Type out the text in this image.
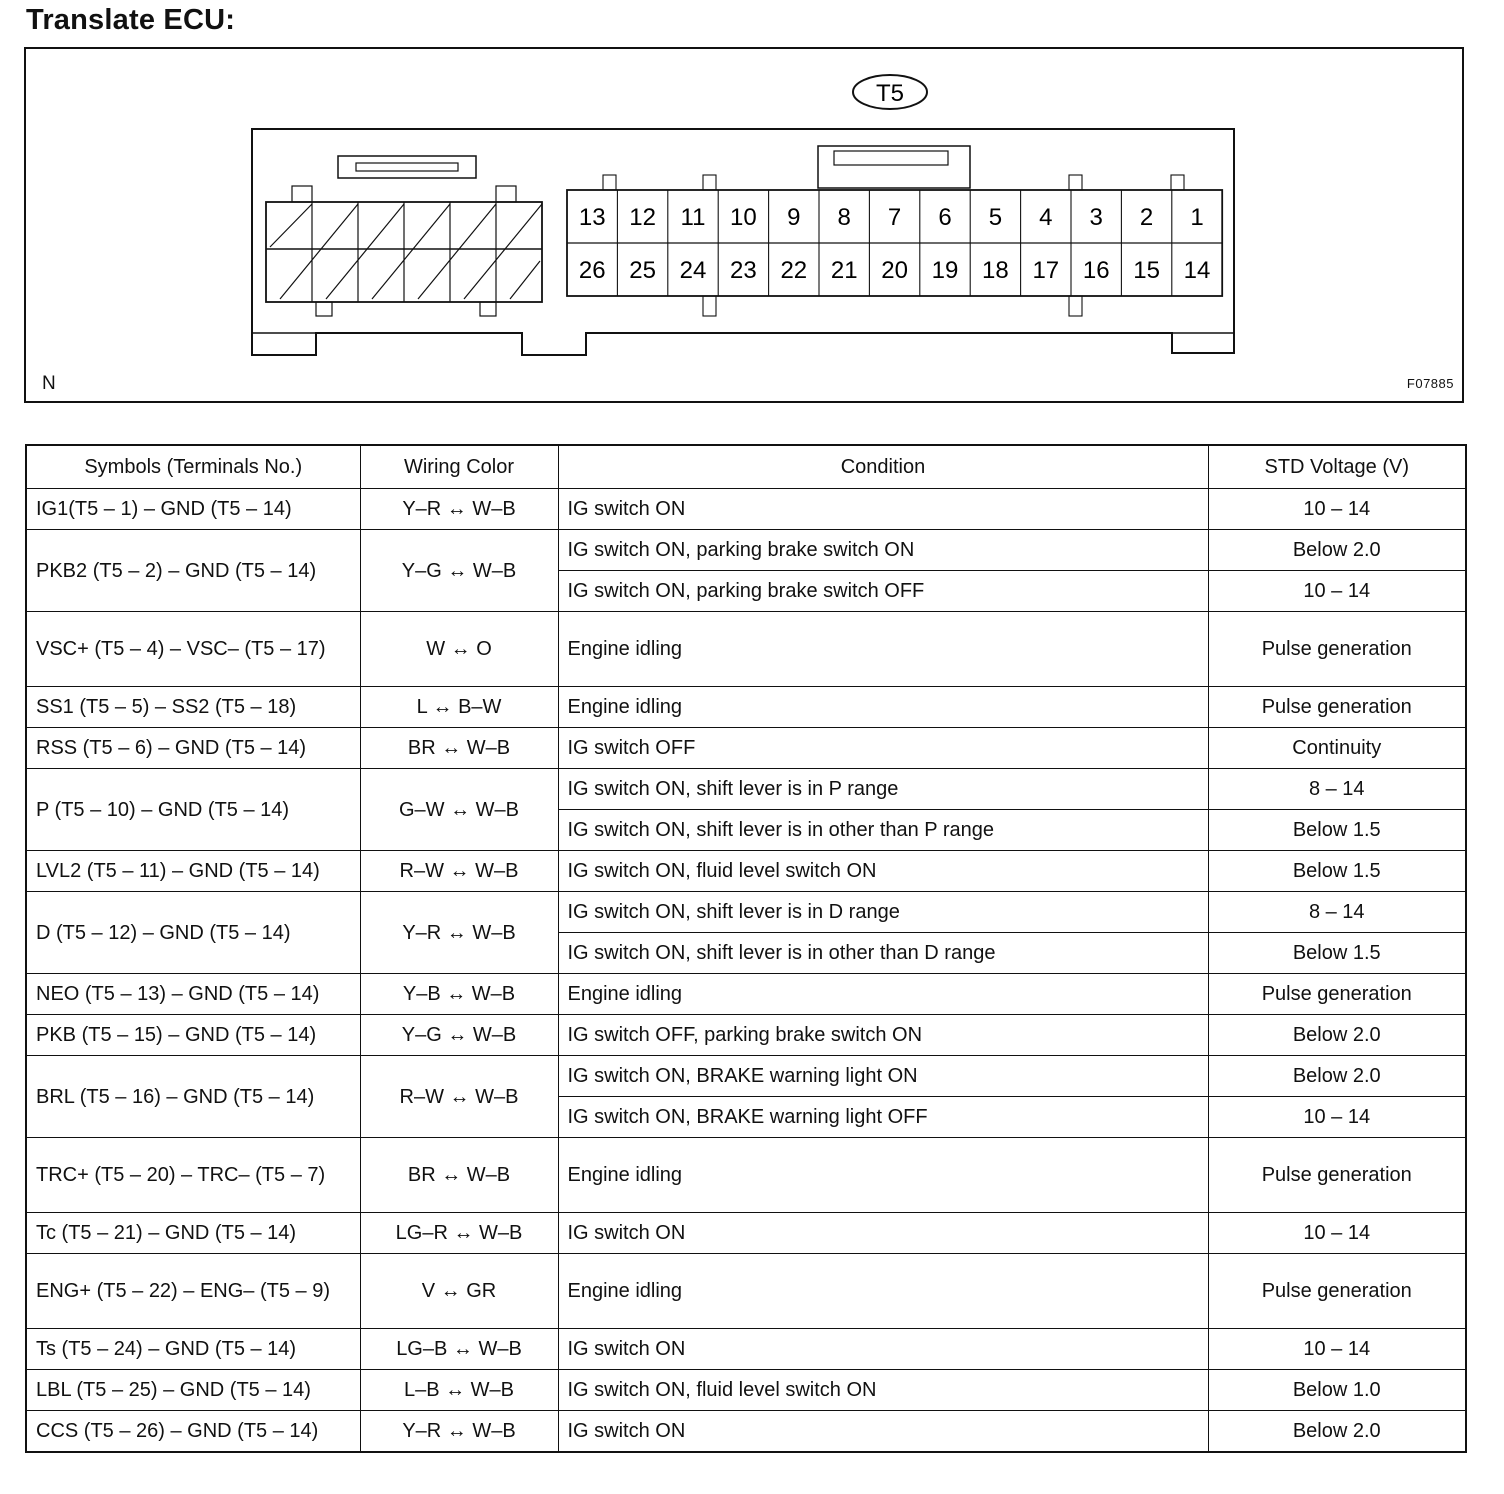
Translate ECU:
T5
13 12 11 10 9 8 7 6 5 4 3 2 1
26 25 24 23 22 21 20 19 18 17 16 15 14
N	F07885
Symbols (Terminals No.)	Wiring Color	Condition	STD Voltage (V)
IG1(T5 – 1) – GND (T5 – 14)	Y–R ↔ W–B	IG switch ON	10 – 14
PKB2 (T5 – 2) – GND (T5 – 14)	Y–G ↔ W–B	IG switch ON, parking brake switch ON	Below 2.0
		IG switch ON, parking brake switch OFF	10 – 14
VSC+ (T5 – 4) – VSC– (T5 – 17)	W ↔ O	Engine idling	Pulse generation
SS1 (T5 – 5) – SS2 (T5 – 18)	L ↔ B–W	Engine idling	Pulse generation
RSS (T5 – 6) – GND (T5 – 14)	BR ↔ W–B	IG switch OFF	Continuity
P (T5 – 10) – GND (T5 – 14)	G–W ↔ W–B	IG switch ON, shift lever is in P range	8 – 14
		IG switch ON, shift lever is in other than P range	Below 1.5
LVL2 (T5 – 11) – GND (T5 – 14)	R–W ↔ W–B	IG switch ON, fluid level switch ON	Below 1.5
D (T5 – 12) – GND (T5 – 14)	Y–R ↔ W–B	IG switch ON, shift lever is in D range	8 – 14
		IG switch ON, shift lever is in other than D range	Below 1.5
NEO (T5 – 13) – GND (T5 – 14)	Y–B ↔ W–B	Engine idling	Pulse generation
PKB (T5 – 15) – GND (T5 – 14)	Y–G ↔ W–B	IG switch OFF, parking brake switch ON	Below 2.0
BRL (T5 – 16) – GND (T5 – 14)	R–W ↔ W–B	IG switch ON, BRAKE warning light ON	Below 2.0
		IG switch ON, BRAKE warning light OFF	10 – 14
TRC+ (T5 – 20) – TRC– (T5 – 7)	BR ↔ W–B	Engine idling	Pulse generation
Tc (T5 – 21) – GND (T5 – 14)	LG–R ↔ W–B	IG switch ON	10 – 14
ENG+ (T5 – 22) – ENG– (T5 – 9)	V ↔ GR	Engine idling	Pulse generation
Ts (T5 – 24) – GND (T5 – 14)	LG–B ↔ W–B	IG switch ON	10 – 14
LBL (T5 – 25) – GND (T5 – 14)	L–B ↔ W–B	IG switch ON, fluid level switch ON	Below 1.0
CCS (T5 – 26) – GND (T5 – 14)	Y–R ↔ W–B	IG switch ON	Below 2.0
